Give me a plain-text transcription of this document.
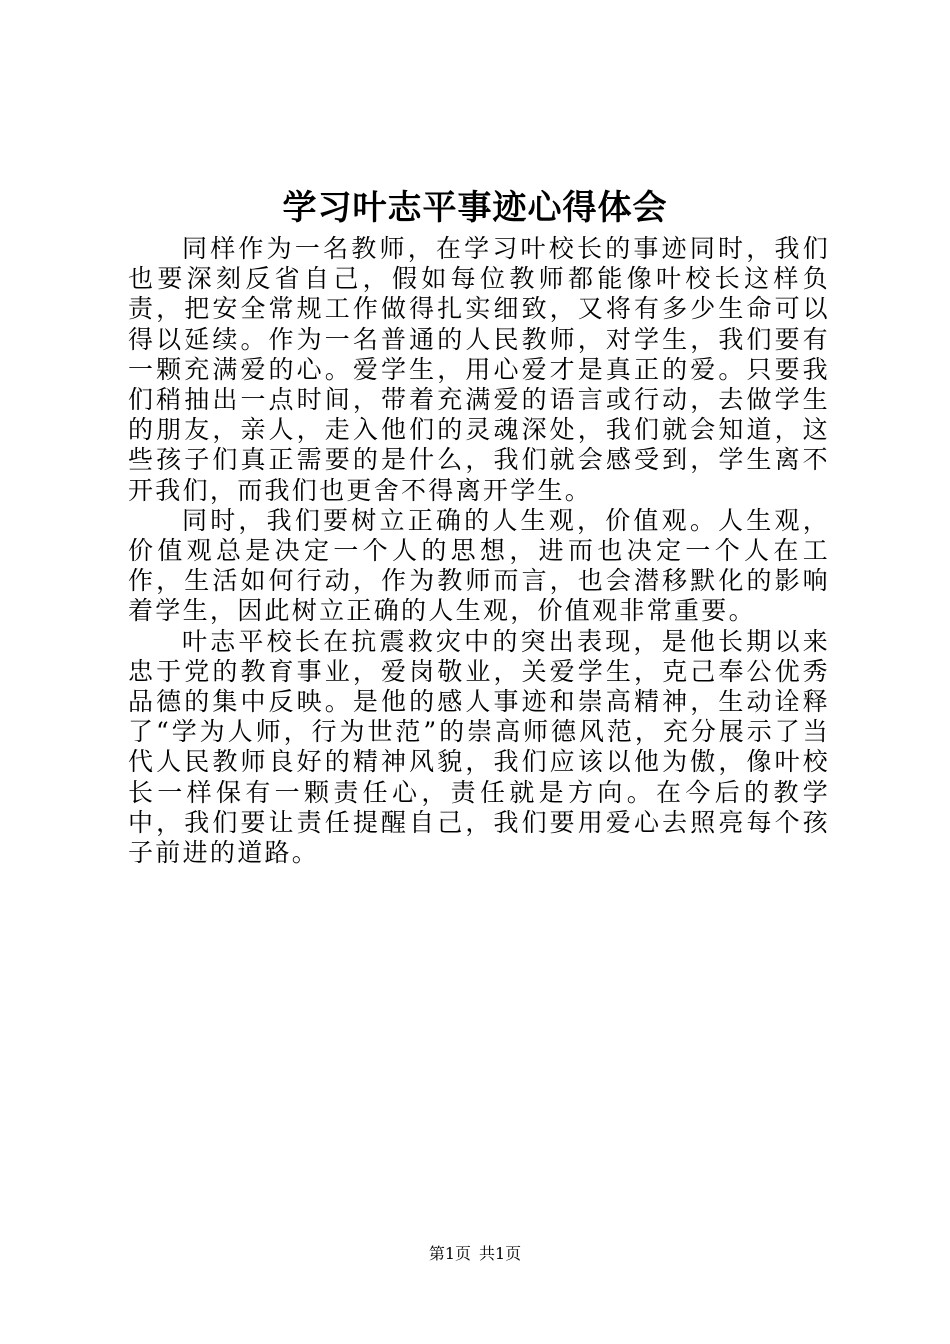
学习叶志平事迹心得体会

同样作为一名教师，在学习叶校长的事迹同时，我们也要深刻反省自己，假如每位教师都能像叶校长这样负责，把安全常规工作做得扎实细致，又将有多少生命可以得以延续。作为一名普通的人民教师，对学生，我们要有一颗充满爱的心。爱学生，用心爱才是真正的爱。只要我们稍抽出一点时间，带着充满爱的语言或行动，去做学生的朋友，亲人，走入他们的灵魂深处，我们就会知道，这些孩子们真正需要的是什么，我们就会感受到，学生离不开我们，而我们也更舍不得离开学生。

同时，我们要树立正确的人生观，价值观。人生观，价值观总是决定一个人的思想，进而也决定一个人在工作，生活如何行动，作为教师而言，也会潜移默化的影响着学生，因此树立正确的人生观，价值观非常重要。

叶志平校长在抗震救灾中的突出表现，是他长期以来忠于党的教育事业，爱岗敬业，关爱学生，克己奉公优秀品德的集中反映。是他的感人事迹和崇高精神，生动诠释了“学为人师，行为世范”的崇高师德风范，充分展示了当代人民教师良好的精神风貌，我们应该以他为傲，像叶校长一样保有一颗责任心，责任就是方向。在今后的教学中，我们要让责任提醒自己，我们要用爱心去照亮每个孩子前进的道路。

第1页 共1页
